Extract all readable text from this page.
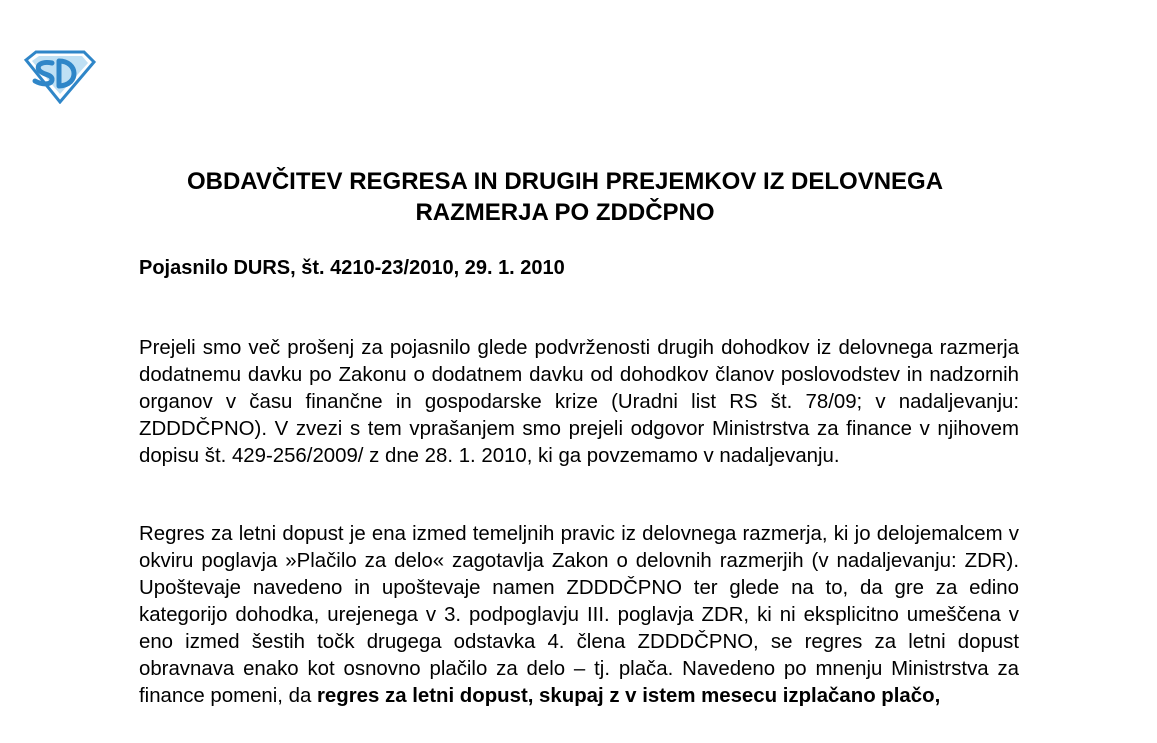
OBDAVČITEV REGRESA IN DRUGIH PREJEMKOV IZ DELOVNEGA
RAZMERJA PO ZDDČPNO

Pojasnilo DURS, št. 4210-23/2010, 29. 1. 2010

Prejeli smo več prošenj za pojasnilo glede podvrženosti drugih dohodkov iz delovnega razmerja dodatnemu davku po Zakonu o dodatnem davku od dohodkov članov poslovodstev in nadzornih organov v času finančne in gospodarske krize (Uradni list RS št. 78/09; v nadaljevanju: ZDDDČPNO). V zvezi s tem vprašanjem smo prejeli odgovor Ministrstva za finance v njihovem dopisu št. 429-256/2009/ z dne 28. 1. 2010, ki ga povzemamo v nadaljevanju.

Regres za letni dopust je ena izmed temeljnih pravic iz delovnega razmerja, ki jo delojemalcem v okviru poglavja »Plačilo za delo« zagotavlja Zakon o delovnih razmerjih (v nadaljevanju: ZDR). Upoštevaje navedeno in upoštevaje namen ZDDDČPNO ter glede na to, da gre za edino kategorijo dohodka, urejenega v 3. podpoglavju III. poglavja ZDR, ki ni eksplicitno umeščena v eno izmed šestih točk drugega odstavka 4. člena ZDDDČPNO, se regres za letni dopust obravnava enako kot osnovno plačilo za delo – tj. plača. Navedeno po mnenju Ministrstva za finance pomeni, da regres za letni dopust, skupaj z v istem mesecu izplačano plačo,
